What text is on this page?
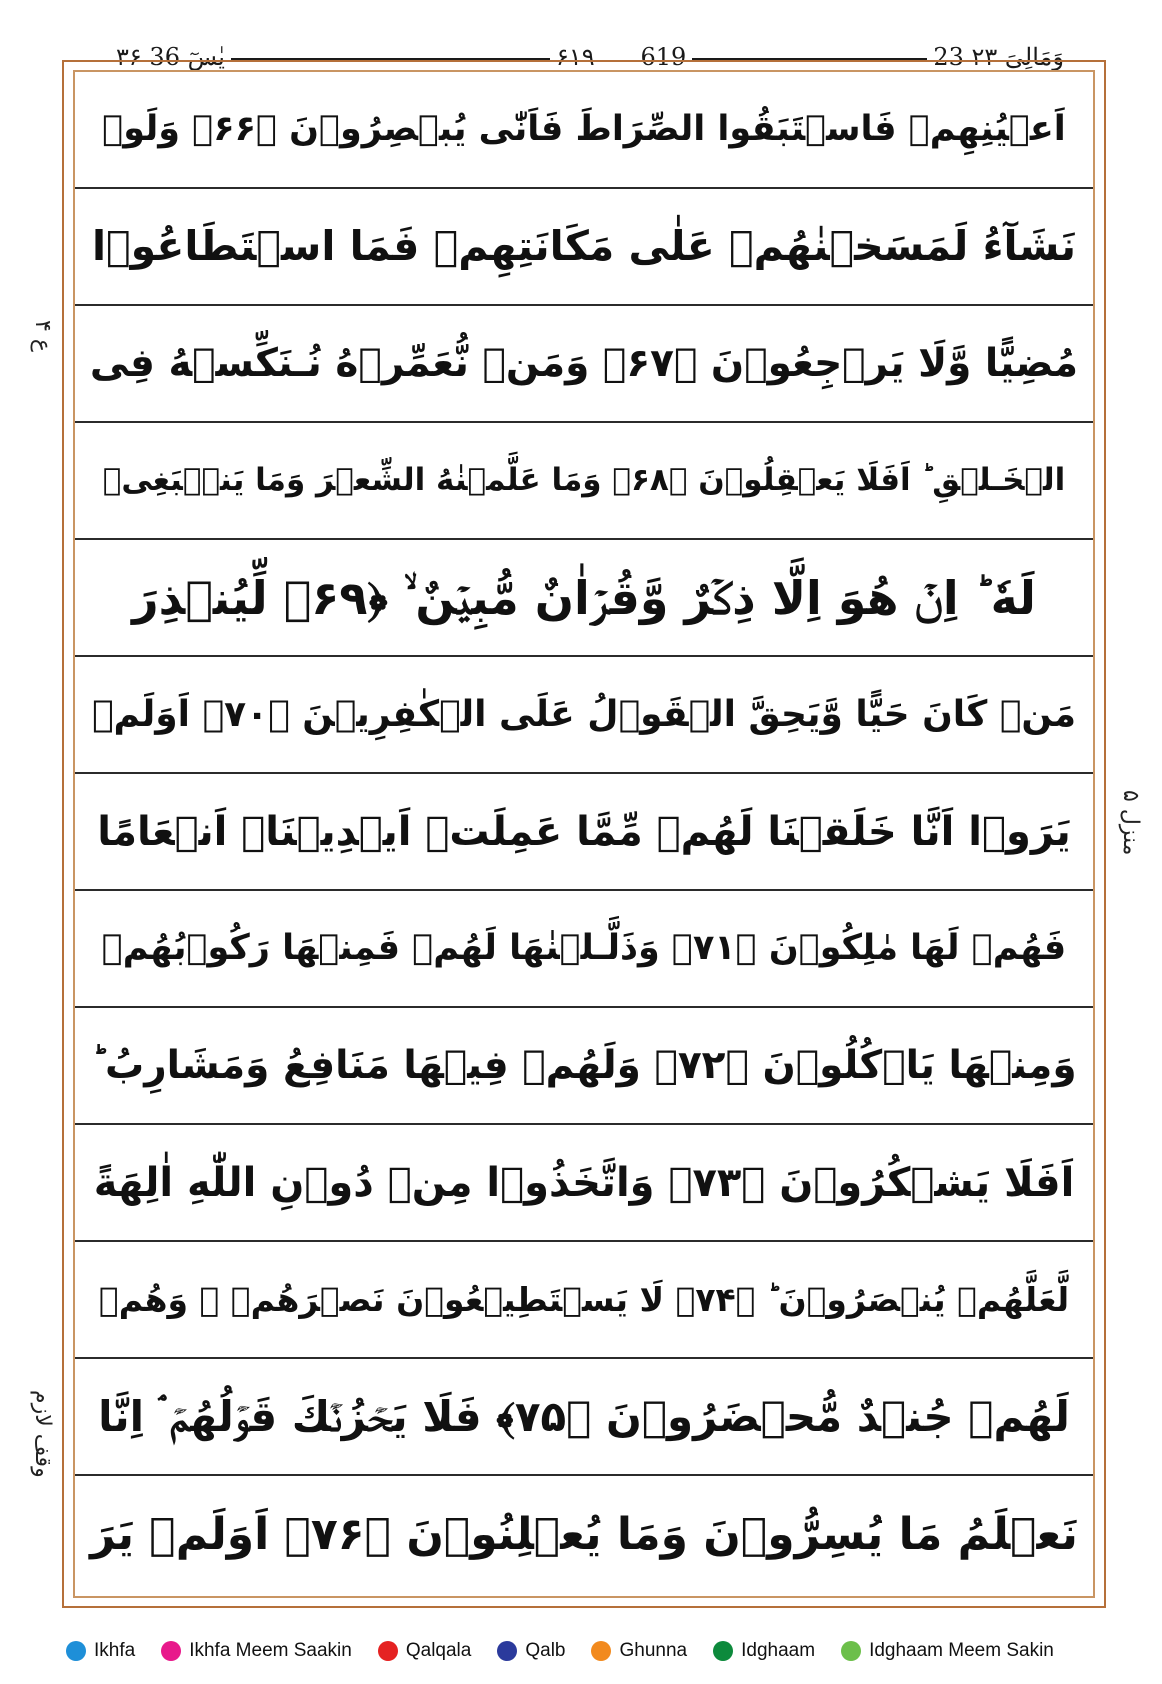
23 ۲۳ وَمَالِیَ
۶۱۹ 619
۳۶ یٰسٓ 36
اَعۡيُنِهِمۡ فَاسۡتَبَقُوا الصِّرَاطَ فَاَنّٰى يُبۡصِرُوۡنَ ﴿۶۶﴾ وَلَوۡ
نَشَآءُ لَمَسَخۡنٰهُمۡ عَلٰى مَكَانَتِهِمۡ فَمَا اسۡتَطَاعُوۡا
مُضِيًّا وَّلَا يَرۡجِعُوۡنَ ﴿۶۷﴾ وَمَنۡ نُّعَمِّرۡهُ نُـنَكِّسۡهُ فِى
الۡخَـلۡقِ‌ ؕ اَفَلَا يَعۡقِلُوۡنَ ﴿۶۸﴾ وَمَا عَلَّمۡنٰهُ الشِّعۡرَ وَمَا يَنۡۢبَغِىۡ
لَهٗ ؕ اِنۡ هُوَ اِلَّا ذِكۡرٌ وَّقُرۡاٰنٌ مُّبِيۡنٌ ۙ ﴿۶۹﴾ لِّيُنۡذِرَ
مَنۡ كَانَ حَيًّا وَّيَحِقَّ الۡقَوۡلُ عَلَى الۡكٰفِرِيۡنَ ﴿۷۰﴾ اَوَلَمۡ
يَرَوۡا اَنَّا خَلَقۡنَا لَهُمۡ مِّمَّا عَمِلَتۡ اَيۡدِيۡنَاۤ اَنۡعَامًا
فَهُمۡ لَهَا مٰلِكُوۡنَ ﴿۷۱﴾ وَذَلَّـلۡنٰهَا لَهُمۡ فَمِنۡهَا رَكُوۡبُهُمۡ
وَمِنۡهَا يَاۡكُلُوۡنَ ﴿۷۲﴾ وَلَهُمۡ فِيۡهَا مَنَافِعُ وَمَشَارِبُ‌ ؕ
اَفَلَا يَشۡكُرُوۡنَ ﴿۷۳﴾ وَاتَّخَذُوۡا مِنۡ دُوۡنِ اللّٰهِ اٰلِهَةً
لَّعَلَّهُمۡ يُنۡصَرُوۡنَ ؕ ﴿۷۴﴾ لَا يَسۡتَطِيۡعُوۡنَ نَصۡرَهُمۡ ۙ وَهُمۡ
لَهُمۡ جُنۡدٌ مُّحۡضَرُوۡنَ ﴿۷۵﴾ فَلَا يَحۡزُنۡكَ قَوۡلُهُمۡ‌ ۘ اِنَّا
نَعۡلَمُ مَا يُسِرُّوۡنَ وَمَا يُعۡلِنُوۡنَ ﴿۷۶﴾ اَوَلَمۡ يَرَ
ع ۴
منزل ۵
وقف لازم
Ikhfa	Ikhfa Meem Saakin	Qalqala	Qalb	Ghunna	Idghaam	Idghaam Meem Sakin
